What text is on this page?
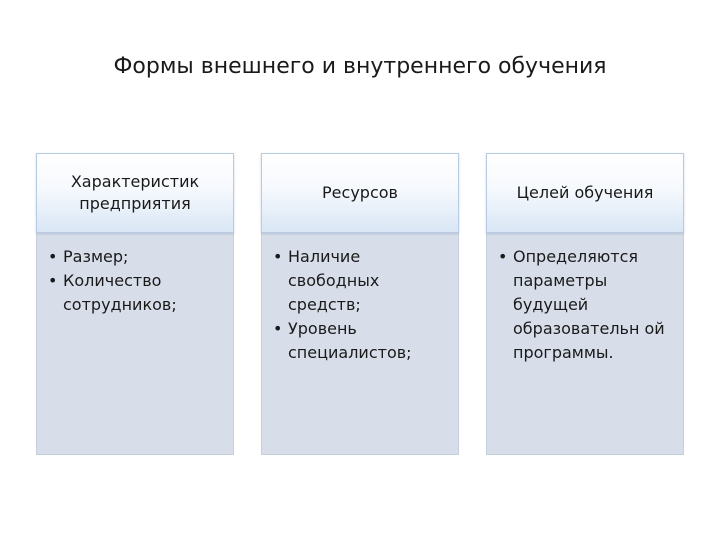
Формы внешнего и внутреннего обучения
Характеристик предприятия
• Размер;
• Количество сотрудников;
Ресурсов
• Наличие свободных средств;
• Уровень специалистов;
Целей обучения
• Определяются параметры будущей образовательн ой программы.
